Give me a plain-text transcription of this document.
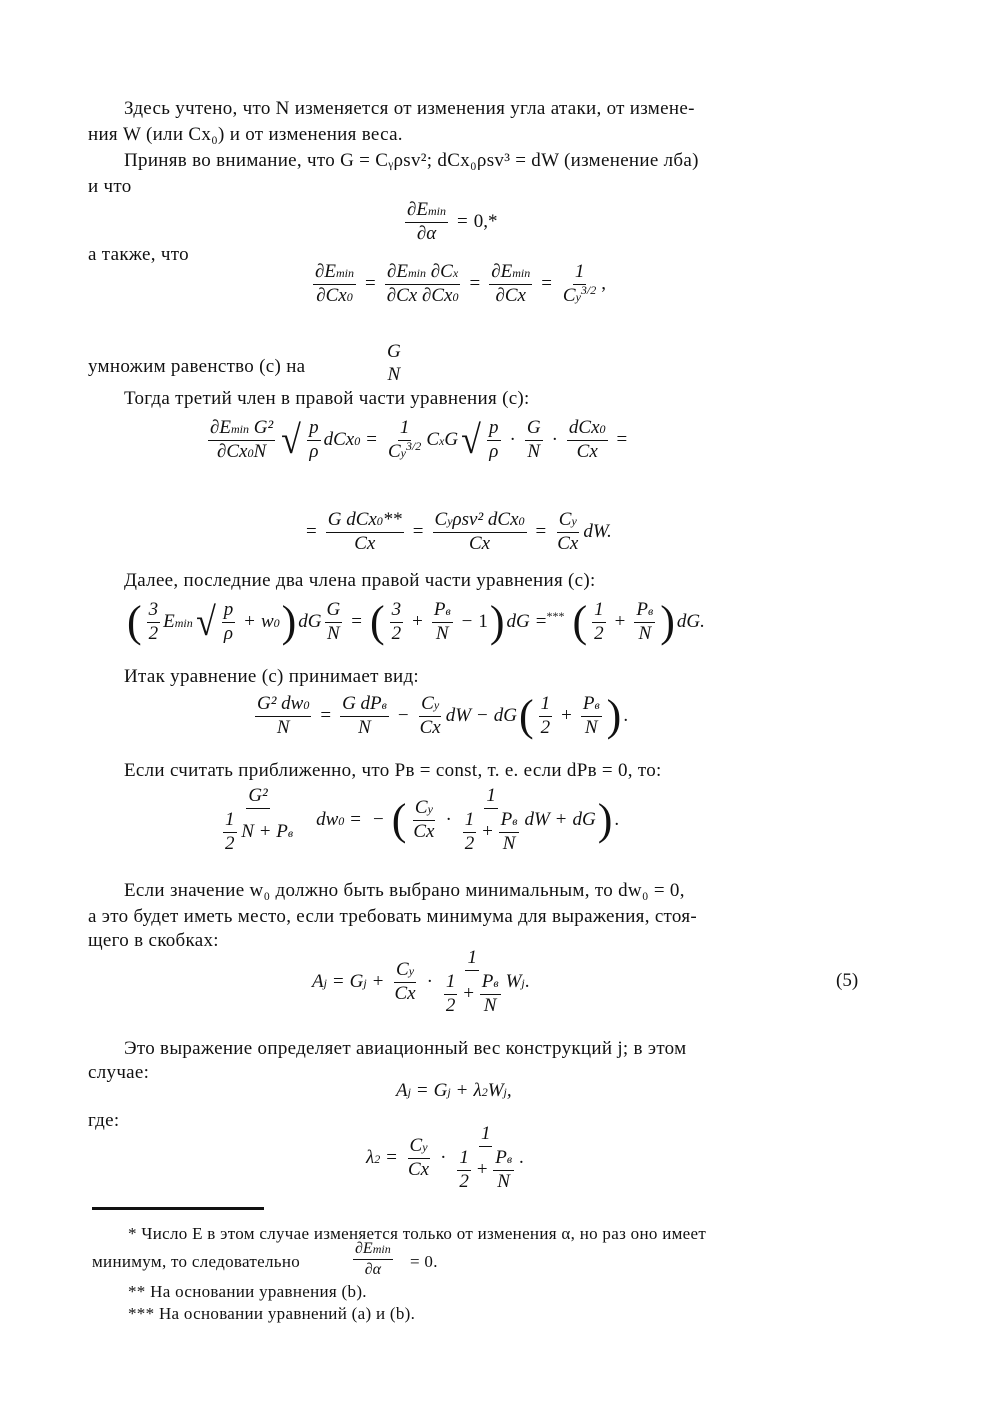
Здесь учтено, что N изменяется от изменения угла атаки, от измене-
ния W (или Cx₀) и от изменения веса.
Приняв во внимание, что G = Cᵧρsv²; dCx₀ρsv³ = dW (изменение лба)
и что
$\frac{\partial Emin}{\partial\alpha} = 0,*$
а также, что
$\frac{\partial Emin}{\partial Cx0} = \frac{\partial Emin \partial Cx}{\partial Cx \partial Cx0} = \frac{\partial Emin}{\partial Cx} = \frac{1}{Cy^{3/2}}$ ,
умножим равенство (с) на
G
N
Тогда третий член в правой части уравнения (с):
$\frac{\text{∂Emin G²}}{\partial Cx0N}$ √ $\frac{p}{\rho} dCx0 = \frac{1}{Cy^{3/2}}$ CxG √ $\frac{p}{\rho} \cdot \frac{G}{N} \cdot \frac{\text{dCx0}}{Cx}$ =
= $\frac{\text{G dCx0**}}{Cx} = \frac{\text{Cyρsv² dCx0}}{Cx} = \frac{Cy}{Cx}$ dW.
Далее, последние два члена правой части уравнения (с):
( $\frac{3}{2}$ Emin √ $\frac{p}{\rho} + w0$ ) dG $\frac{G}{N}$ = ( $\frac{3}{2} + \frac{Pв}{N} - 1$ ) dG =*** ( $\frac{1}{2} + \frac{Pв}{N}$ ) dG.
Итак уравнение (с) принимает вид:
$\frac{\text{G² dw0}}{N} = \frac{\text{G dPв}}{N} - \frac{Cy}{Cx}$ dW − dG ( $\frac{1}{2} + \frac{Pв}{N}$ ) .
Если считать приближенно, что Pв = const, т. е. если dPв = 0, то:
$\frac{\text{G²}}{\frac{1}{2} N + Pв} dw0$ = − ( $\frac{Cy}{Cx} \cdot \frac{1}{\frac{1}{2} + \frac{Pв}{N}}$ dW + dG ) .
Если значение w₀ должно быть выбрано минимальным, то dw₀ = 0,
а это будет иметь место, если требовать минимума для выражения, стоя-
щего в скобках:
$Aj = Gj + \frac{Cy}{Cx} \cdot \frac{1}{\frac{1}{2} + \frac{Pв}{N}}$ Wj .	(5)
Это выражение определяет авиационный вес конструкций j; в этом
случае:
Aj = Gj + λ2Wj,
где:
$\lambda 2 = \frac{Cy}{Cx} \cdot \frac{1}{\frac{1}{2} + \frac{Pв}{N}}$ .
* Число E в этом случае изменяется только от изменения α, но раз оно имеет
минимум, то следовательно	$\frac{\partial Emin}{\partial\alpha} = 0$.
** На основании уравнения (b).
*** На основании уравнений (a) и (b).
